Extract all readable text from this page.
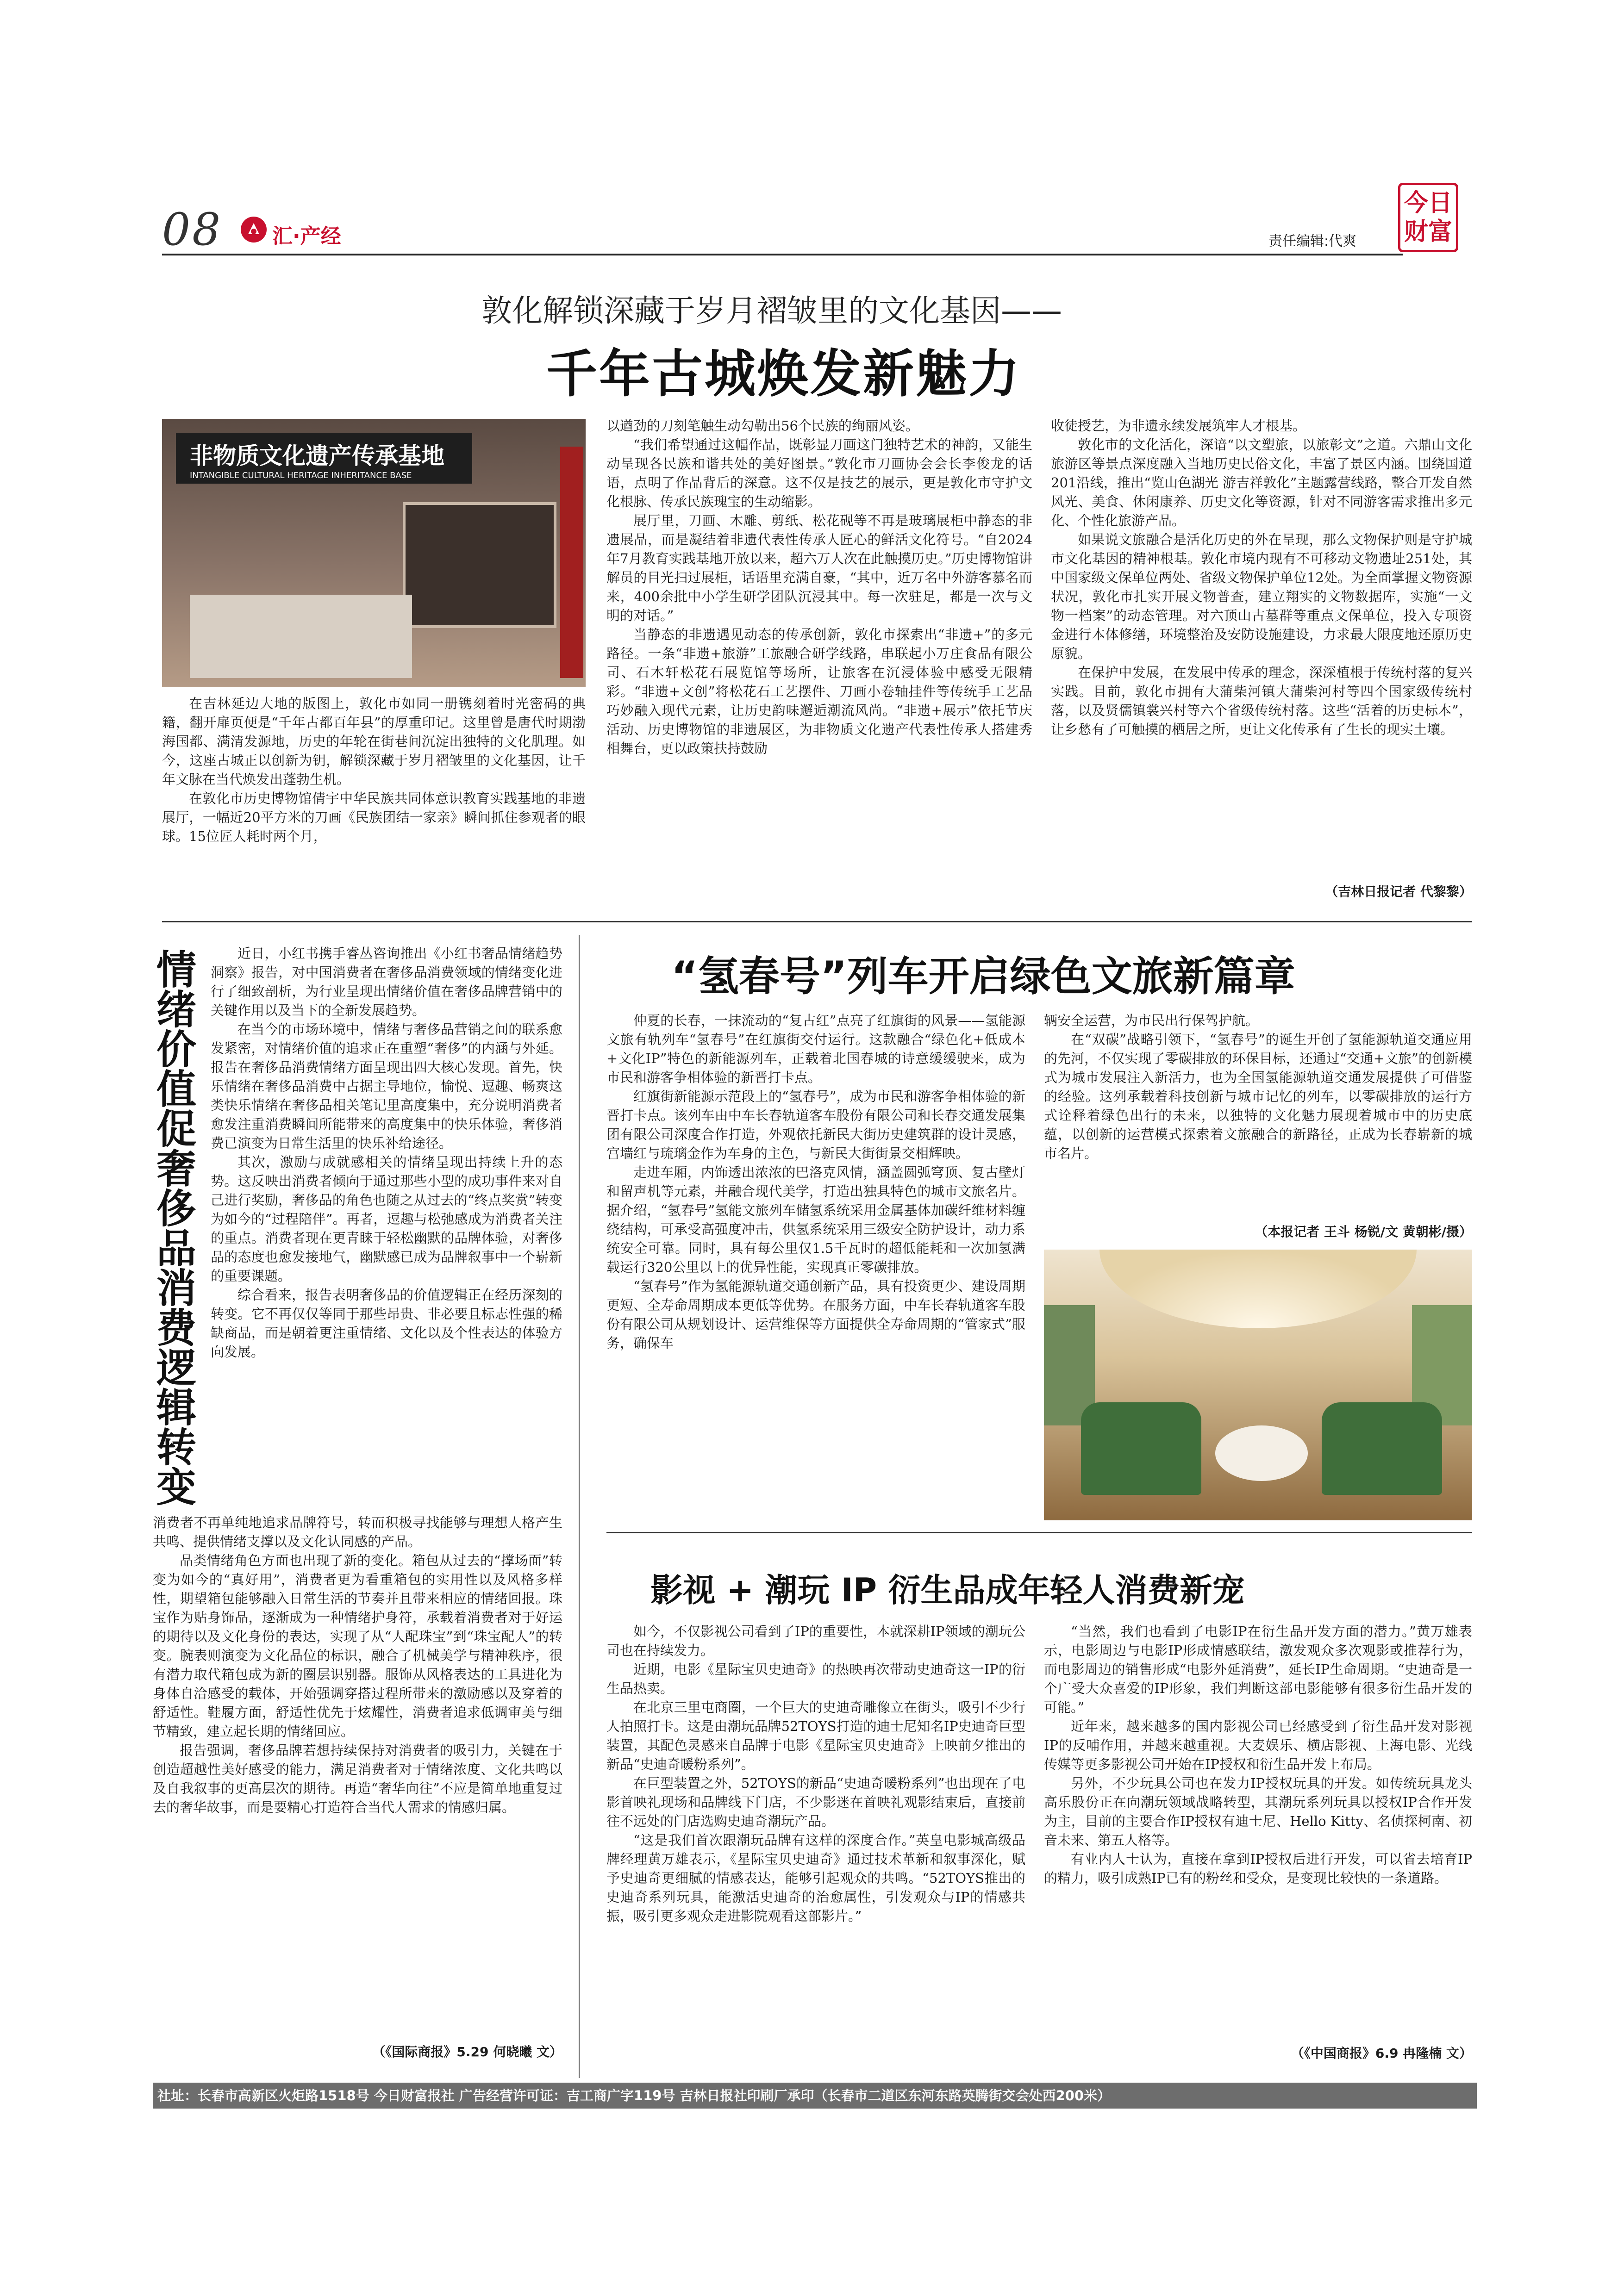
08 汇·产经	责任编辑:代爽
今日财富
敦化解锁深藏于岁月褶皱里的文化基因——
千年古城焕发新魅力
非物质文化遗产传承基地
INTANGIBLE CULTURAL HERITAGE INHERITANCE BASE

在吉林延边大地的版图上，敦化市如同一册镌刻着时光密码的典籍，翻开扉页便是“千年古都百年县”的厚重印记。这里曾是唐代时期渤海国都、满清发源地，历史的年轮在街巷间沉淀出独特的文化肌理。如今，这座古城正以创新为钥，解锁深藏于岁月褶皱里的文化基因，让千年文脉在当代焕发出蓬勃生机。

在敦化市历史博物馆倩宇中华民族共同体意识教育实践基地的非遗展厅，一幅近20平方米的刀画《民族团结一家亲》瞬间抓住参观者的眼球。15位匠人耗时两个月，

以遒劲的刀刻笔触生动勾勒出56个民族的绚丽风姿。

“我们希望通过这幅作品，既彰显刀画这门独特艺术的神韵，又能生动呈现各民族和谐共处的美好图景。”敦化市刀画协会会长李俊龙的话语，点明了作品背后的深意。这不仅是技艺的展示，更是敦化市守护文化根脉、传承民族瑰宝的生动缩影。

展厅里，刀画、木雕、剪纸、松花砚等不再是玻璃展柜中静态的非遗展品，而是凝结着非遗代表性传承人匠心的鲜活文化符号。“自2024年7月教育实践基地开放以来，超六万人次在此触摸历史。”历史博物馆讲解员的目光扫过展柜，话语里充满自豪，“其中，近万名中外游客慕名而来，400余批中小学生研学团队沉浸其中。每一次驻足，都是一次与文明的对话。”

当静态的非遗遇见动态的传承创新，敦化市探索出“非遗+”的多元路径。一条“非遗+旅游”工旅融合研学线路，串联起小万庄食品有限公司、石木轩松花石展览馆等场所，让旅客在沉浸体验中感受无限精彩。“非遗+文创”将松花石工艺摆件、刀画小卷轴挂件等传统手工艺品巧妙融入现代元素，让历史韵味邂逅潮流风尚。“非遗+展示”依托节庆活动、历史博物馆的非遗展区，为非物质文化遗产代表性传承人搭建秀相舞台，更以政策扶持鼓励

收徒授艺，为非遗永续发展筑牢人才根基。

敦化市的文化活化，深谙“以文塑旅，以旅彰文”之道。六鼎山文化旅游区等景点深度融入当地历史民俗文化，丰富了景区内涵。围绕国道201沿线，推出“览山色湖光 游吉祥敦化”主题露营线路，整合开发自然风光、美食、休闲康养、历史文化等资源，针对不同游客需求推出多元化、个性化旅游产品。

如果说文旅融合是活化历史的外在呈现，那么文物保护则是守护城市文化基因的精神根基。敦化市境内现有不可移动文物遗址251处，其中国家级文保单位两处、省级文物保护单位12处。为全面掌握文物资源状况，敦化市扎实开展文物普查，建立翔实的文物数据库，实施“一文物一档案”的动态管理。对六顶山古墓群等重点文保单位，投入专项资金进行本体修缮，环境整治及安防设施建设，力求最大限度地还原历史原貌。

在保护中发展，在发展中传承的理念，深深植根于传统村落的复兴实践。目前，敦化市拥有大蒲柴河镇大蒲柴河村等四个国家级传统村落，以及贤儒镇裳兴村等六个省级传统村落。这些“活着的历史标本”，让乡愁有了可触摸的栖居之所，更让文化传承有了生长的现实土壤。

（吉林日报记者 代黎黎）
情绪价值促奢侈品消费逻辑转变	近日，小红书携手睿丛咨询推出《小红书奢品情绪趋势洞察》报告，对中国消费者在奢侈品消费领域的情绪变化进行了细致剖析，为行业呈现出情绪价值在奢侈品牌营销中的关键作用以及当下的全新发展趋势。

在当今的市场环境中，情绪与奢侈品营销之间的联系愈发紧密，对情绪价值的追求正在重塑“奢侈”的内涵与外延。报告在奢侈品消费情绪方面呈现出四大核心发现。首先，快乐情绪在奢侈品消费中占据主导地位，愉悦、逗趣、畅爽这类快乐情绪在奢侈品相关笔记里高度集中，充分说明消费者愈发注重消费瞬间所能带来的高度集中的快乐体验，奢侈消费已演变为日常生活里的快乐补给途径。

其次，激励与成就感相关的情绪呈现出持续上升的态势。这反映出消费者倾向于通过那些小型的成功事件来对自己进行奖励，奢侈品的角色也随之从过去的“终点奖赏”转变为如今的“过程陪伴”。再者，逗趣与松弛感成为消费者关注的重点。消费者现在更青睐于轻松幽默的品牌体验，对奢侈品的态度也愈发接地气，幽默感已成为品牌叙事中一个崭新的重要课题。

综合看来，报告表明奢侈品的价值逻辑正在经历深刻的转变。它不再仅仅等同于那些昂贵、非必要且标志性强的稀缺商品，而是朝着更注重情绪、文化以及个性表达的体验方向发展。

消费者不再单纯地追求品牌符号，转而积极寻找能够与理想人格产生共鸣、提供情绪支撑以及文化认同感的产品。

品类情绪角色方面也出现了新的变化。箱包从过去的“撑场面”转变为如今的“真好用”，消费者更为看重箱包的实用性以及风格多样性，期望箱包能够融入日常生活的节奏并且带来相应的情绪回报。珠宝作为贴身饰品，逐渐成为一种情绪护身符，承载着消费者对于好运的期待以及文化身份的表达，实现了从“人配珠宝”到“珠宝配人”的转变。腕表则演变为文化品位的标识，融合了机械美学与精神秩序，很有潜力取代箱包成为新的圈层识别器。服饰从风格表达的工具进化为身体自洽感受的载体，开始强调穿搭过程所带来的激励感以及穿着的舒适性。鞋履方面，舒适性优先于炫耀性，消费者追求低调审美与细节精致，建立起长期的情绪回应。

报告强调，奢侈品牌若想持续保持对消费者的吸引力，关键在于创造超越性美好感受的能力，满足消费者对于情绪浓度、文化共鸣以及自我叙事的更高层次的期待。再造“奢华向往”不应是简单地重复过去的奢华故事，而是要精心打造符合当代人需求的情感归属。

（《国际商报》5.29 何晓曦 文）
“氢春号”列车开启绿色文旅新篇章

仲夏的长春，一抹流动的“复古红”点亮了红旗街的风景——氢能源文旅有轨列车“氢春号”在红旗街交付运行。这款融合“绿色化+低成本+文化IP”特色的新能源列车，正载着北国春城的诗意缓缓驶来，成为市民和游客争相体验的新晋打卡点。

红旗街新能源示范段上的“氢春号”，成为市民和游客争相体验的新晋打卡点。该列车由中车长春轨道客车股份有限公司和长春交通发展集团有限公司深度合作打造，外观依托新民大街历史建筑群的设计灵感，宫墙红与琉璃金作为车身的主色，与新民大街街景交相辉映。

走进车厢，内饰透出浓浓的巴洛克风情，涵盖圆弧穹顶、复古壁灯和留声机等元素，并融合现代美学，打造出独具特色的城市文旅名片。据介绍，“氢春号”氢能文旅列车储氢系统采用金属基体加碳纤维材料缠绕结构，可承受高强度冲击，供氢系统采用三级安全防护设计，动力系统安全可靠。同时，具有每公里仅1.5千瓦时的超低能耗和一次加氢满载运行320公里以上的优异性能，实现真正零碳排放。

“氢春号”作为氢能源轨道交通创新产品，具有投资更少、建设周期更短、全寿命周期成本更低等优势。在服务方面，中车长春轨道客车股份有限公司从规划设计、运营维保等方面提供全寿命周期的“管家式”服务，确保车

辆安全运营，为市民出行保驾护航。

在“双碳”战略引领下，“氢春号”的诞生开创了氢能源轨道交通应用的先河，不仅实现了零碳排放的环保目标，还通过“交通+文旅”的创新模式为城市发展注入新活力，也为全国氢能源轨道交通发展提供了可借鉴的经验。这列承载着科技创新与城市记忆的列车，以零碳排放的运行方式诠释着绿色出行的未来，以独特的文化魅力展现着城市中的历史底蕴，以创新的运营模式探索着文旅融合的新路径，正成为长春崭新的城市名片。

（本报记者 王斗 杨锐/文 黄朝彬/摄）
影视 + 潮玩 IP 衍生品成年轻人消费新宠

如今，不仅影视公司看到了IP的重要性，本就深耕IP领域的潮玩公司也在持续发力。

近期，电影《星际宝贝史迪奇》的热映再次带动史迪奇这一IP的衍生品热卖。

在北京三里屯商圈，一个巨大的史迪奇雕像立在街头，吸引不少行人拍照打卡。这是由潮玩品牌52TOYS打造的迪士尼知名IP史迪奇巨型装置，其配色灵感来自品牌于电影《星际宝贝史迪奇》上映前夕推出的新品“史迪奇暖粉系列”。

在巨型装置之外，52TOYS的新品“史迪奇暖粉系列”也出现在了电影首映礼现场和品牌线下门店，不少影迷在首映礼观影结束后，直接前往不远处的门店选购史迪奇潮玩产品。

“这是我们首次跟潮玩品牌有这样的深度合作。”英皇电影城高级品牌经理黄万雄表示，《星际宝贝史迪奇》通过技术革新和叙事深化，赋予史迪奇更细腻的情感表达，能够引起观众的共鸣。“52TOYS推出的史迪奇系列玩具，能激活史迪奇的治愈属性，引发观众与IP的情感共振，吸引更多观众走进影院观看这部影片。”

“当然，我们也看到了电影IP在衍生品开发方面的潜力。”黄万雄表示，电影周边与电影IP形成情感联结，激发观众多次观影或推荐行为，而电影周边的销售形成“电影外延消费”，延长IP生命周期。“史迪奇是一个广受大众喜爱的IP形象，我们判断这部电影能够有很多衍生品开发的可能。”

近年来，越来越多的国内影视公司已经感受到了衍生品开发对影视IP的反哺作用，并越来越重视。大麦娱乐、横店影视、上海电影、光线传媒等更多影视公司开始在IP授权和衍生品开发上布局。

另外，不少玩具公司也在发力IP授权玩具的开发。如传统玩具龙头高乐股份正在向潮玩领域战略转型，其潮玩系列玩具以授权IP合作开发为主，目前的主要合作IP授权有迪士尼、Hello Kitty、名侦探柯南、初音未来、第五人格等。

有业内人士认为，直接在拿到IP授权后进行开发，可以省去培育IP的精力，吸引成熟IP已有的粉丝和受众，是变现比较快的一条道路。

（《中国商报》6.9 冉隆楠 文）
社址：长春市高新区火炬路1518号 今日财富报社 广告经营许可证：吉工商广字119号 吉林日报社印刷厂承印（长春市二道区东河东路英腾街交会处西200米）
